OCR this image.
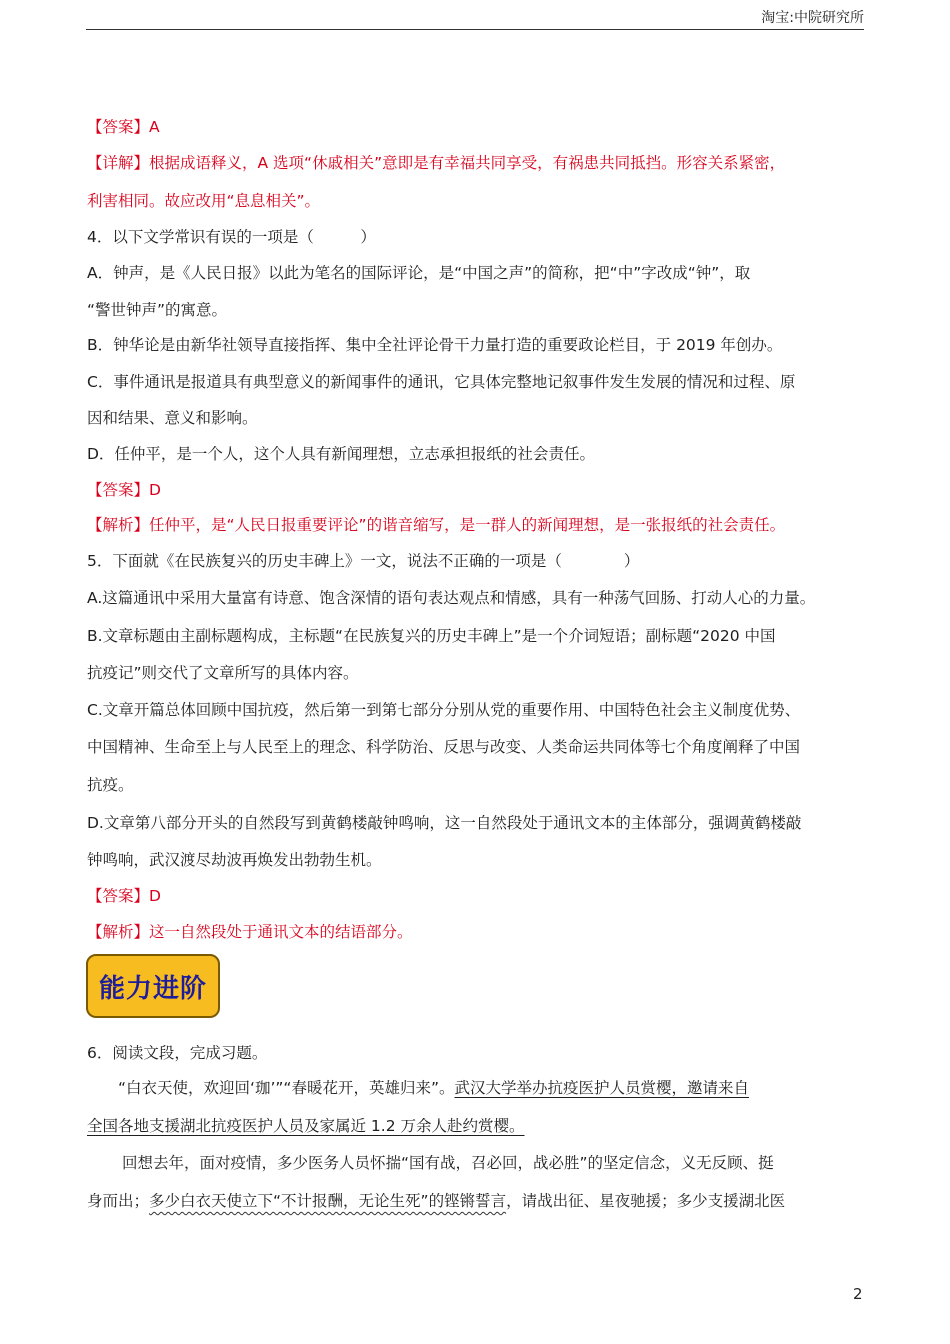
淘宝:中院研究所
【答案】A
【详解】根据成语释义，A 选项“休戚相关”意即是有幸福共同享受，有祸患共同抵挡。形容关系紧密，
利害相同。故应改用“息息相关”。
4．以下文学常识有误的一项是（　　　）
A．钟声，是《人民日报》以此为笔名的国际评论，是“中国之声”的简称，把“中”字改成“钟”，取
“警世钟声”的寓意。
B．钟华论是由新华社领导直接指挥、集中全社评论骨干力量打造的重要政论栏目，于 2019 年创办。
C．事件通讯是报道具有典型意义的新闻事件的通讯，它具体完整地记叙事件发生发展的情况和过程、原
因和结果、意义和影响。
D．任仲平，是一个人，这个人具有新闻理想，立志承担报纸的社会责任。
【答案】D
【解析】任仲平，是“人民日报重要评论”的谐音缩写，是一群人的新闻理想，是一张报纸的社会责任。
5．下面就《在民族复兴的历史丰碑上》一文，说法不正确的一项是（　　　　）
A.这篇通讯中采用大量富有诗意、饱含深情的语句表达观点和情感，具有一种荡气回肠、打动人心的力量。
B.文章标题由主副标题构成，主标题“在民族复兴的历史丰碑上”是一个介词短语；副标题“2020 中国
抗疫记”则交代了文章所写的具体内容。
C.文章开篇总体回顾中国抗疫，然后第一到第七部分分别从党的重要作用、中国特色社会主义制度优势、
中国精神、生命至上与人民至上的理念、科学防治、反思与改变、人类命运共同体等七个角度阐释了中国
抗疫。
D.文章第八部分开头的自然段写到黄鹤楼敲钟鸣响，这一自然段处于通讯文本的主体部分，强调黄鹤楼敲
钟鸣响，武汉渡尽劫波再焕发出勃勃生机。
【答案】D
【解析】这一自然段处于通讯文本的结语部分。
能力进阶
6．阅读文段，完成习题。
“白衣天使，欢迎回‘珈’”“春暖花开，英雄归来”。武汉大学举办抗疫医护人员赏樱，邀请来自
全国各地支援湖北抗疫医护人员及家属近 1.2 万余人赴约赏樱。
回想去年，面对疫情，多少医务人员怀揣“国有战，召必回，战必胜”的坚定信念，义无反顾、挺
身而出；多少白衣天使立下“不计报酬，无论生死”的铿锵誓言，请战出征、星夜驰援；多少支援湖北医
2
